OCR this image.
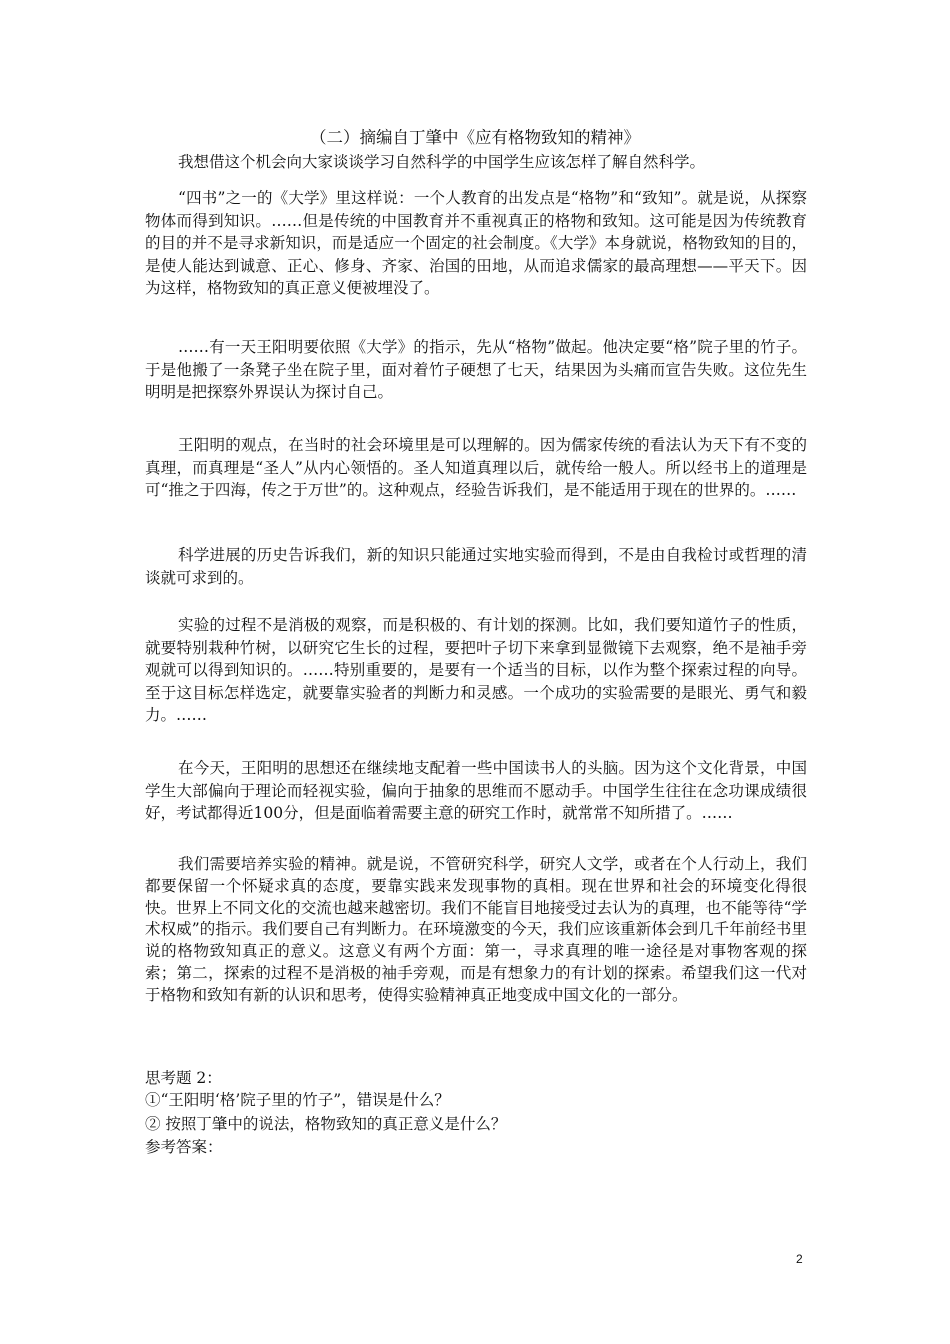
（二）摘编自丁肇中《应有格物致知的精神》
我想借这个机会向大家谈谈学习自然科学的中国学生应该怎样了解自然科学。
“四书”之一的《大学》里这样说：一个人教育的出发点是“格物”和“致知”。就是说，从探察物体而得到知识。……但是传统的中国教育并不重视真正的格物和致知。这可能是因为传统教育的目的并不是寻求新知识，而是适应一个固定的社会制度。《大学》本身就说，格物致知的目的，是使人能达到诚意、正心、修身、齐家、治国的田地，从而追求儒家的最高理想——平天下。因为这样，格物致知的真正意义便被埋没了。
……有一天王阳明要依照《大学》的指示，先从“格物”做起。他决定要“格”院子里的竹子。于是他搬了一条凳子坐在院子里，面对着竹子硬想了七天，结果因为头痛而宣告失败。这位先生明明是把探察外界误认为探讨自己。
王阳明的观点，在当时的社会环境里是可以理解的。因为儒家传统的看法认为天下有不变的真理，而真理是“圣人”从内心领悟的。圣人知道真理以后，就传给一般人。所以经书上的道理是可“推之于四海，传之于万世”的。这种观点，经验告诉我们，是不能适用于现在的世界的。……
科学进展的历史告诉我们，新的知识只能通过实地实验而得到，不是由自我检讨或哲理的清谈就可求到的。
实验的过程不是消极的观察，而是积极的、有计划的探测。比如，我们要知道竹子的性质，就要特别栽种竹树，以研究它生长的过程，要把叶子切下来拿到显微镜下去观察，绝不是袖手旁观就可以得到知识的。……特别重要的，是要有一个适当的目标，以作为整个探索过程的向导。至于这目标怎样选定，就要靠实验者的判断力和灵感。一个成功的实验需要的是眼光、勇气和毅力。……
在今天，王阳明的思想还在继续地支配着一些中国读书人的头脑。因为这个文化背景，中国学生大部偏向于理论而轻视实验，偏向于抽象的思维而不愿动手。中国学生往往在念功课成绩很好，考试都得近100分，但是面临着需要主意的研究工作时，就常常不知所措了。……
我们需要培养实验的精神。就是说，不管研究科学，研究人文学，或者在个人行动上，我们都要保留一个怀疑求真的态度，要靠实践来发现事物的真相。现在世界和社会的环境变化得很快。世界上不同文化的交流也越来越密切。我们不能盲目地接受过去认为的真理，也不能等待“学术权威”的指示。我们要自己有判断力。在环境激变的今天，我们应该重新体会到几千年前经书里说的格物致知真正的意义。这意义有两个方面：第一，寻求真理的唯一途径是对事物客观的探索；第二，探索的过程不是消极的袖手旁观，而是有想象力的有计划的探索。希望我们这一代对于格物和致知有新的认识和思考，使得实验精神真正地变成中国文化的一部分。
思考题 2：
①“王阳明‘格’院子里的竹子”，错误是什么？
② 按照丁肇中的说法，格物致知的真正意义是什么？
参考答案：
2
